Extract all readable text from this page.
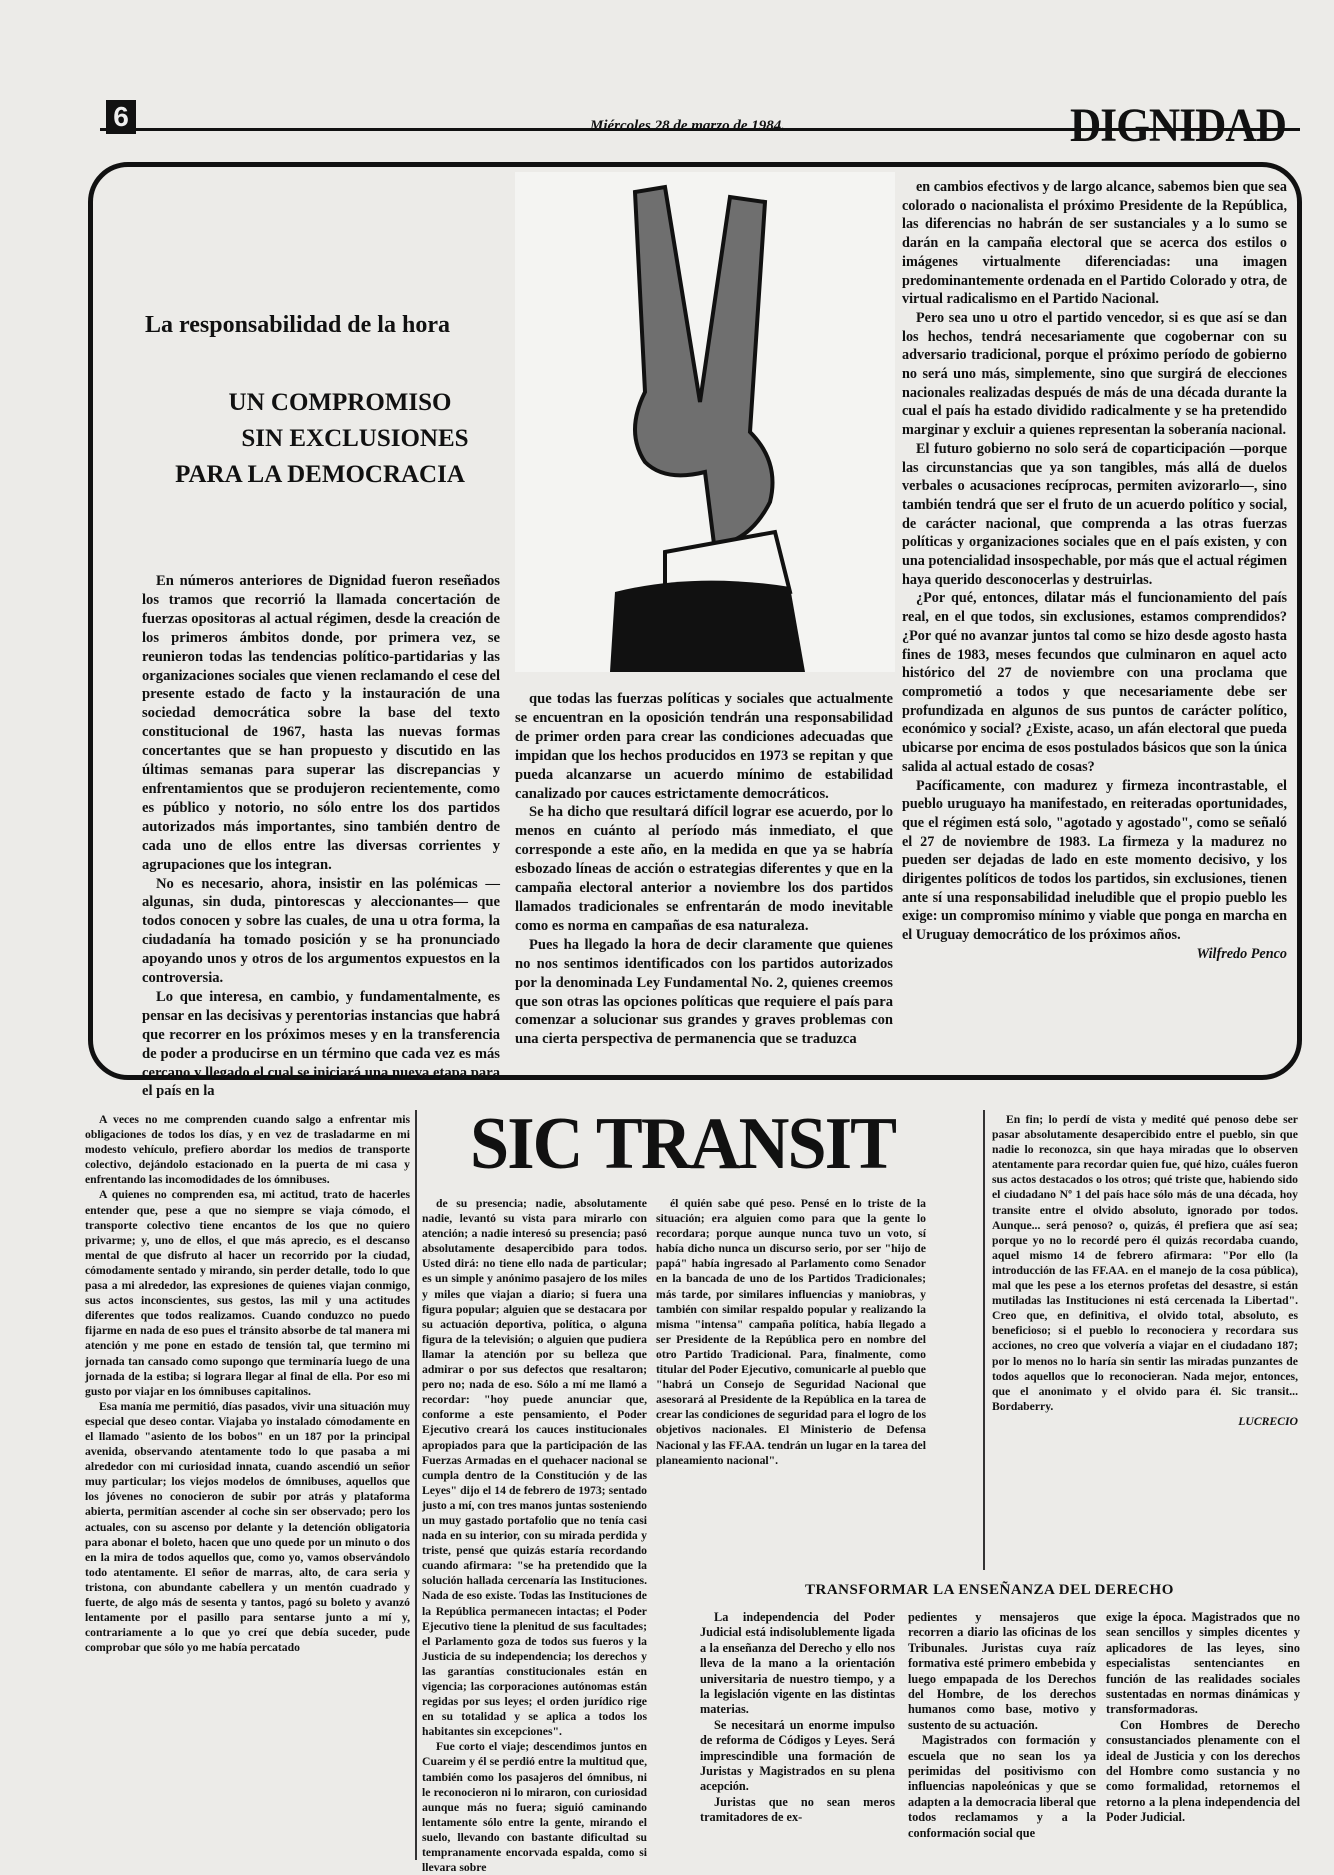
6	Miércoles 28 de marzo de 1984.	DIGNIDAD
La responsabilidad de la hora
UN COMPROMISO
SIN EXCLUSIONES
PARA LA DEMOCRACIA

En números anteriores de Dignidad fueron reseñados los tramos que recorrió la llamada concertación de fuerzas opositoras al actual régimen, desde la creación de los primeros ámbitos donde, por primera vez, se reunieron todas las tendencias político-partidarias y las organizaciones sociales que vienen reclamando el cese del presente estado de facto y la instauración de una sociedad democrática sobre la base del texto constitucional de 1967, hasta las nuevas formas concertantes que se han propuesto y discutido en las últimas semanas para superar las discrepancias y enfrentamientos que se produjeron recientemente, como es público y notorio, no sólo entre los dos partidos autorizados más importantes, sino también dentro de cada uno de ellos entre las diversas corrientes y agrupaciones que los integran.

No es necesario, ahora, insistir en las polémicas —algunas, sin duda, pintorescas y aleccionantes— que todos conocen y sobre las cuales, de una u otra forma, la ciudadanía ha tomado posición y se ha pronunciado apoyando unos y otros de los argumentos expuestos en la controversia.

Lo que interesa, en cambio, y fundamentalmente, es pensar en las decisivas y perentorias instancias que habrá que recorrer en los próximos meses y en la transferencia de poder a producirse en un término que cada vez es más cercano y llegado el cual se iniciará una nueva etapa para el país en la

que todas las fuerzas políticas y sociales que actualmente se encuentran en la oposición tendrán una responsabilidad de primer orden para crear las condiciones adecuadas que impidan que los hechos producidos en 1973 se repitan y que pueda alcanzarse un acuerdo mínimo de estabilidad canalizado por cauces estrictamente democráticos.

Se ha dicho que resultará difícil lograr ese acuerdo, por lo menos en cuánto al período más inmediato, el que corresponde a este año, en la medida en que ya se habría esbozado líneas de acción o estrategias diferentes y que en la campaña electoral anterior a noviembre los dos partidos llamados tradicionales se enfrentarán de modo inevitable como es norma en campañas de esa naturaleza.

Pues ha llegado la hora de decir claramente que quienes no nos sentimos identificados con los partidos autorizados por la denominada Ley Fundamental No. 2, quienes creemos que son otras las opciones políticas que requiere el país para comenzar a solucionar sus grandes y graves problemas con una cierta perspectiva de permanencia que se traduzca

en cambios efectivos y de largo alcance, sabemos bien que sea colorado o nacionalista el próximo Presidente de la República, las diferencias no habrán de ser sustanciales y a lo sumo se darán en la campaña electoral que se acerca dos estilos o imágenes virtualmente diferenciadas: una imagen predominantemente ordenada en el Partido Colorado y otra, de virtual radicalismo en el Partido Nacional.

Pero sea uno u otro el partido vencedor, si es que así se dan los hechos, tendrá necesariamente que cogobernar con su adversario tradicional, porque el próximo período de gobierno no será uno más, simplemente, sino que surgirá de elecciones nacionales realizadas después de más de una década durante la cual el país ha estado dividido radicalmente y se ha pretendido marginar y excluir a quienes representan la soberanía nacional.

El futuro gobierno no solo será de coparticipación —porque las circunstancias que ya son tangibles, más allá de duelos verbales o acusaciones recíprocas, permiten avizorarlo—, sino también tendrá que ser el fruto de un acuerdo político y social, de carácter nacional, que comprenda a las otras fuerzas políticas y organizaciones sociales que en el país existen, y con una potencialidad insospechable, por más que el actual régimen haya querido desconocerlas y destruirlas.

¿Por qué, entonces, dilatar más el funcionamiento del país real, en el que todos, sin exclusiones, estamos comprendidos? ¿Por qué no avanzar juntos tal como se hizo desde agosto hasta fines de 1983, meses fecundos que culminaron en aquel acto histórico del 27 de noviembre con una proclama que comprometió a todos y que necesariamente debe ser profundizada en algunos de sus puntos de carácter político, económico y social? ¿Existe, acaso, un afán electoral que pueda ubicarse por encima de esos postulados básicos que son la única salida al actual estado de cosas?

Pacíficamente, con madurez y firmeza incontrastable, el pueblo uruguayo ha manifestado, en reiteradas oportunidades, que el régimen está solo, "agotado y agostado", como se señaló el 27 de noviembre de 1983. La firmeza y la madurez no pueden ser dejadas de lado en este momento decisivo, y los dirigentes políticos de todos los partidos, sin exclusiones, tienen ante sí una responsabilidad ineludible que el propio pueblo les exige: un compromiso mínimo y viable que ponga en marcha en el Uruguay democrático de los próximos años.

Wilfredo Penco
SIC TRANSIT

A veces no me comprenden cuando salgo a enfrentar mis obligaciones de todos los días, y en vez de trasladarme en mi modesto vehículo, prefiero abordar los medios de transporte colectivo, dejándolo estacionado en la puerta de mi casa y enfrentando las incomodidades de los ómnibuses.

A quienes no comprenden esa, mi actitud, trato de hacerles entender que, pese a que no siempre se viaja cómodo, el transporte colectivo tiene encantos de los que no quiero privarme; y, uno de ellos, el que más aprecio, es el descanso mental de que disfruto al hacer un recorrido por la ciudad, cómodamente sentado y mirando, sin perder detalle, todo lo que pasa a mi alrededor, las expresiones de quienes viajan conmigo, sus actos inconscientes, sus gestos, las mil y una actitudes diferentes que todos realizamos. Cuando conduzco no puedo fijarme en nada de eso pues el tránsito absorbe de tal manera mi atención y me pone en estado de tensión tal, que termino mi jornada tan cansado como supongo que terminaría luego de una jornada de la estiba; si lograra llegar al final de ella. Por eso mi gusto por viajar en los ómnibuses capitalinos.

Esa manía me permitió, días pasados, vivir una situación muy especial que deseo contar. Viajaba yo instalado cómodamente en el llamado "asiento de los bobos" en un 187 por la principal avenida, observando atentamente todo lo que pasaba a mi alrededor con mi curiosidad innata, cuando ascendió un señor muy particular; los viejos modelos de ómnibuses, aquellos que los jóvenes no conocieron de subir por atrás y plataforma abierta, permitían ascender al coche sin ser observado; pero los actuales, con su ascenso por delante y la detención obligatoria para abonar el boleto, hacen que uno quede por un minuto o dos en la mira de todos aquellos que, como yo, vamos observándolo todo atentamente. El señor de marras, alto, de cara seria y tristona, con abundante cabellera y un mentón cuadrado y fuerte, de algo más de sesenta y tantos, pagó su boleto y avanzó lentamente por el pasillo para sentarse junto a mí y, contrariamente a lo que yo creí que debía suceder, pude comprobar que sólo yo me había percatado

de su presencia; nadie, absolutamente nadie, levantó su vista para mirarlo con atención; a nadie interesó su presencia; pasó absolutamente desapercibido para todos. Usted dirá: no tiene ello nada de particular; es un simple y anónimo pasajero de los miles y miles que viajan a diario; si fuera una figura popular; alguien que se destacara por su actuación deportiva, política, o alguna figura de la televisión; o alguien que pudiera llamar la atención por su belleza que admirar o por sus defectos que resaltaron; pero no; nada de eso. Sólo a mí me llamó a recordar: "hoy puede anunciar que, conforme a este pensamiento, el Poder Ejecutivo creará los cauces institucionales apropiados para que la participación de las Fuerzas Armadas en el quehacer nacional se cumpla dentro de la Constitución y de las Leyes" dijo el 14 de febrero de 1973; sentado justo a mí, con tres manos juntas sosteniendo un muy gastado portafolio que no tenía casi nada en su interior, con su mirada perdida y triste, pensé que quizás estaría recordando cuando afirmara: "se ha pretendido que la solución hallada cercenaría las Instituciones. Nada de eso existe. Todas las Instituciones de la República permanecen intactas; el Poder Ejecutivo tiene la plenitud de sus facultades; el Parlamento goza de todos sus fueros y la Justicia de su independencia; los derechos y las garantías constitucionales están en vigencia; las corporaciones autónomas están regidas por sus leyes; el orden jurídico rige en su totalidad y se aplica a todos los habitantes sin excepciones".

Fue corto el viaje; descendimos juntos en Cuareim y él se perdió entre la multitud que, también como los pasajeros del ómnibus, ni le reconocieron ni lo miraron, con curiosidad aunque más no fuera; siguió caminando lentamente sólo entre la gente, mirando el suelo, llevando con bastante dificultad su tempranamente encorvada espalda, como si llevara sobre

él quién sabe qué peso. Pensé en lo triste de la situación; era alguien como para que la gente lo recordara; porque aunque nunca tuvo un voto, sí había dicho nunca un discurso serio, por ser "hijo de papá" había ingresado al Parlamento como Senador en la bancada de uno de los Partidos Tradicionales; más tarde, por similares influencias y maniobras, y también con similar respaldo popular y realizando la misma "intensa" campaña política, había llegado a ser Presidente de la República pero en nombre del otro Partido Tradicional. Para, finalmente, como titular del Poder Ejecutivo, comunicarle al pueblo que "habrá un Consejo de Seguridad Nacional que asesorará al Presidente de la República en la tarea de crear las condiciones de seguridad para el logro de los objetivos nacionales. El Ministerio de Defensa Nacional y las FF.AA. tendrán un lugar en la tarea del planeamiento nacional".

En fin; lo perdí de vista y medité qué penoso debe ser pasar absolutamente desapercibido entre el pueblo, sin que nadie lo reconozca, sin que haya miradas que lo observen atentamente para recordar quien fue, qué hizo, cuáles fueron sus actos destacados o los otros; qué triste que, habiendo sido el ciudadano Nº 1 del país hace sólo más de una década, hoy transite entre el olvido absoluto, ignorado por todos. Aunque... será penoso? o, quizás, él prefiera que así sea; porque yo no lo recordé pero él quizás recordaba cuando, aquel mismo 14 de febrero afirmara: "Por ello (la introducción de las FF.AA. en el manejo de la cosa pública), mal que les pese a los eternos profetas del desastre, si están mutiladas las Instituciones ni está cercenada la Libertad". Creo que, en definitiva, el olvido total, absoluto, es beneficioso; si el pueblo lo reconociera y recordara sus acciones, no creo que volvería a viajar en el ciudadano 187; por lo menos no lo haría sin sentir las miradas punzantes de todos aquellos que lo reconocieran. Nada mejor, entonces, que el anonimato y el olvido para él. Sic transit... Bordaberry.

LUCRECIO
TRANSFORMAR LA ENSEÑANZA DEL DERECHO

La independencia del Poder Judicial está indisolublemente ligada a la enseñanza del Derecho y ello nos lleva de la mano a la orientación universitaria de nuestro tiempo, y a la legislación vigente en las distintas materias.

Se necesitará un enorme impulso de reforma de Códigos y Leyes. Será imprescindible una formación de Juristas y Magistrados en su plena acepción.

Juristas que no sean meros tramitadores de ex-

pedientes y mensajeros que recorren a diario las oficinas de los Tribunales. Juristas cuya raíz formativa esté primero embebida y luego empapada de los Derechos del Hombre, de los derechos humanos como base, motivo y sustento de su actuación.

Magistrados con formación y escuela que no sean los ya perimidas del positivismo con influencias napoleónicas y que se adapten a la democracia liberal que todos reclamamos y a la conformación social que

exige la época. Magistrados que no sean sencillos y simples dicentes y aplicadores de las leyes, sino especialistas sentenciantes en función de las realidades sociales sustentadas en normas dinámicas y transformadoras.

Con Hombres de Derecho consustanciados plenamente con el ideal de Justicia y con los derechos del Hombre como sustancia y no como formalidad, retornemos el retorno a la plena independencia del Poder Judicial.
